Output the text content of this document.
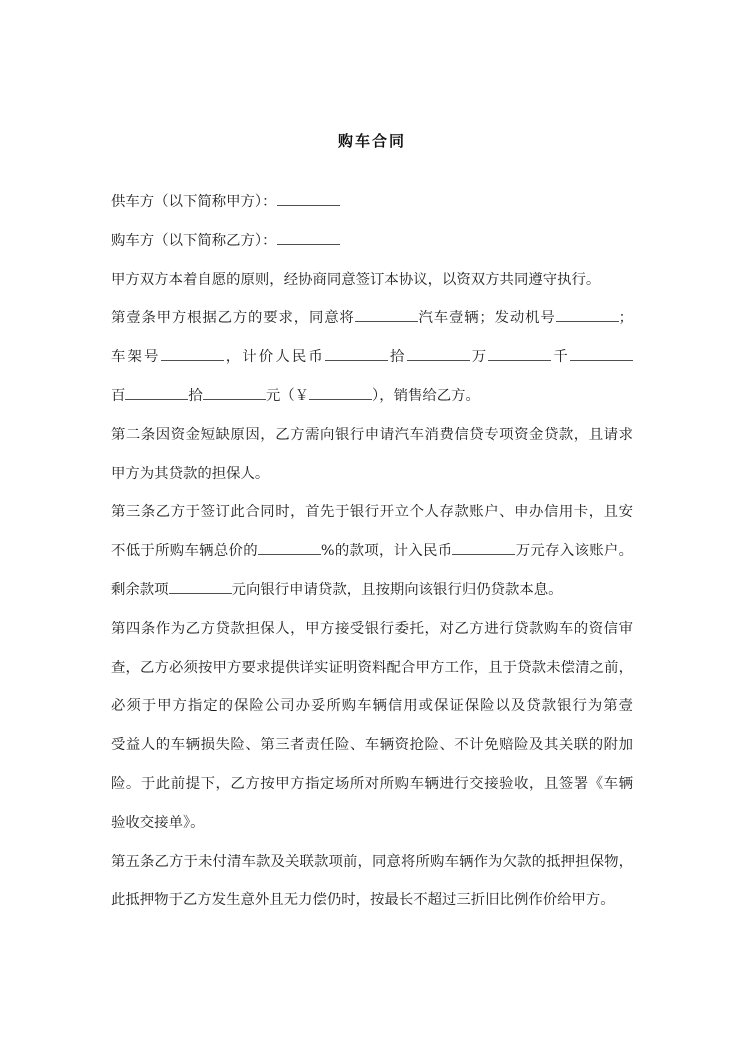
购车合同
供车方（以下简称甲方）：
购车方（以下简称乙方）：
甲方双方本着自愿的原则，经协商同意签订本协议，以资双方共同遵守执行。
第壹条甲方根据乙方的要求，同意将	汽车壹辆；发动机号	；
车架号	，计价人民币	拾	万	千
百	拾	元（￥	），销售给乙方。
第二条因资金短缺原因，乙方需向银行申请汽车消费信贷专项资金贷款，且请求
甲方为其贷款的担保人。
第三条乙方于签订此合同时，首先于银行开立个人存款账户、申办信用卡，且安
不低于所购车辆总价的	%的款项，计入民币	万元存入该账户。
剩余款项	元向银行申请贷款，且按期向该银行归仍贷款本息。
第四条作为乙方贷款担保人，甲方接受银行委托，对乙方进行贷款购车的资信审
查，乙方必须按甲方要求提供详实证明资料配合甲方工作，且于贷款未偿清之前，
必须于甲方指定的保险公司办妥所购车辆信用或保证保险以及贷款银行为第壹
受益人的车辆损失险、第三者责任险、车辆资抢险、不计免赔险及其关联的附加
险。于此前提下，乙方按甲方指定场所对所购车辆进行交接验收，且签署《车辆
验收交接单》。
第五条乙方于未付清车款及关联款项前，同意将所购车辆作为欠款的抵押担保物，
此抵押物于乙方发生意外且无力偿仍时，按最长不超过三折旧比例作价给甲方。
